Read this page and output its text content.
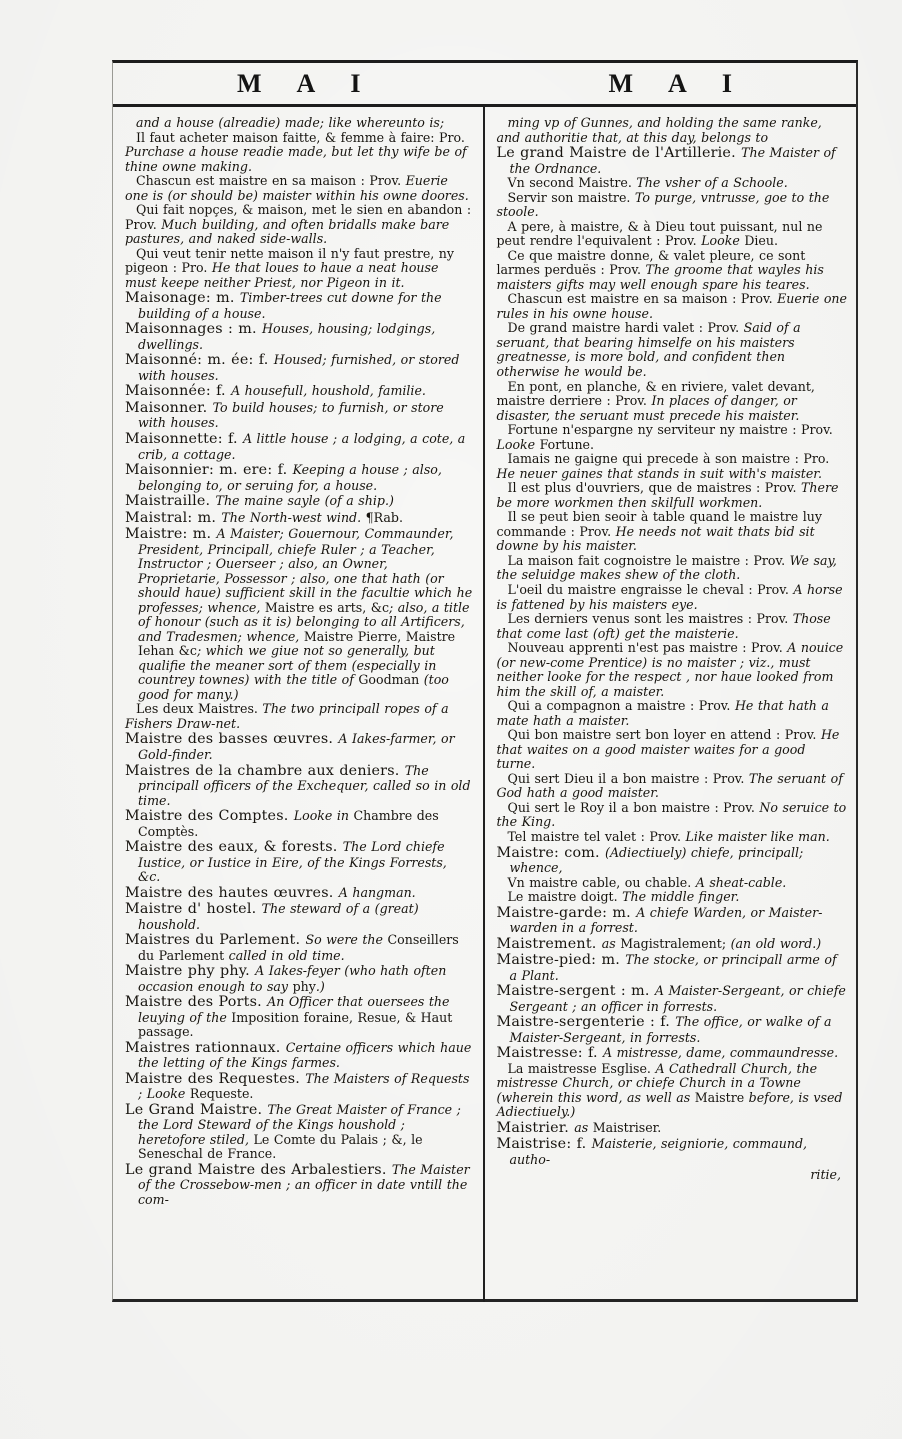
M A I	M A I

and a house (alreadie) made; like whereunto is;

Il faut acheter maison faitte, & femme à faire: Pro. Purchase a house readie made, but let thy wife be of thine owne making.

Chascun est maistre en sa maison : Prov. Euerie one is (or should be) maister within his owne doores.

Qui fait nopçes, & maison, met le sien en abandon : Prov. Much building, and often bridalls make bare pastures, and naked side-walls.

Qui veut tenir nette maison il n'y faut prestre, ny pigeon : Pro. He that loues to haue a neat house must keepe neither Priest, nor Pigeon in it.

Maisonage: m. Timber-trees cut downe for the building of a house.

Maisonnages : m. Houses, housing; lodgings, dwellings.

Maisonné: m. ée: f. Housed; furnished, or stored with houses.

Maisonnée: f. A housefull, houshold, familie.

Maisonner. To build houses; to furnish, or store with houses.

Maisonnette: f. A little house ; a lodging, a cote, a crib, a cottage.

Maisonnier: m. ere: f. Keeping a house ; also, belonging to, or seruing for, a house.

Maistraille. The maine sayle (of a ship.)

Maistral: m. The North-west wind. ¶Rab.

Maistre: m. A Maister; Gouernour, Commaunder, President, Principall, chiefe Ruler ; a Teacher, Instructor ; Ouerseer ; also, an Owner, Proprietarie, Possessor ; also, one that hath (or should haue) sufficient skill in the facultie which he professes; whence, Maistre es arts, &c; also, a title of honour (such as it is) belonging to all Artificers, and Tradesmen; whence, Maistre Pierre, Maistre Iehan &c; which we giue not so generally, but qualifie the meaner sort of them (especially in countrey townes) with the title of Goodman (too good for many.)

Les deux Maistres. The two principall ropes of a Fishers Draw-net.

Maistre des basses œuvres. A Iakes-farmer, or Gold-finder.

Maistres de la chambre aux deniers. The principall officers of the Exchequer, called so in old time.

Maistre des Comptes. Looke in Chambre des Comptès.

Maistre des eaux, & forests. The Lord chiefe Iustice, or Iustice in Eire, of the Kings Forrests, &c.

Maistre des hautes œuvres. A hangman.

Maistre d' hostel. The steward of a (great) houshold.

Maistres du Parlement. So were the Conseillers du Parlement called in old time.

Maistre phy phy. A Iakes-feyer (who hath often occasion enough to say phy.)

Maistre des Ports. An Officer that ouersees the leuying of the Imposition foraine, Resue, & Haut passage.

Maistres rationnaux. Certaine officers which haue the letting of the Kings farmes.

Maistre des Requestes. The Maisters of Requests ; Looke Requeste.

Le Grand Maistre. The Great Maister of France ; the Lord Steward of the Kings houshold ; heretofore stiled, Le Comte du Palais ; &, le Seneschal de France.

Le grand Maistre des Arbalestiers. The Maister of the Crossebow-men ; an officer in date vntill the com-

ming vp of Gunnes, and holding the same ranke, and authoritie that, at this day, belongs to

Le grand Maistre de l'Artillerie. The Maister of the Ordnance.

Vn second Maistre. The vsher of a Schoole.

Servir son maistre. To purge, vntrusse, goe to the stoole.

A pere, à maistre, & à Dieu tout puissant, nul ne peut rendre l'equivalent : Prov. Looke Dieu.

Ce que maistre donne, & valet pleure, ce sont larmes perduës : Prov. The groome that wayles his maisters gifts may well enough spare his teares.

Chascun est maistre en sa maison : Prov. Euerie one rules in his owne house.

De grand maistre hardi valet : Prov. Said of a seruant, that bearing himselfe on his maisters greatnesse, is more bold, and confident then otherwise he would be.

En pont, en planche, & en riviere, valet devant, maistre derriere : Prov. In places of danger, or disaster, the seruant must precede his maister.

Fortune n'espargne ny serviteur ny maistre : Prov. Looke Fortune.

Iamais ne gaigne qui precede à son maistre : Pro. He neuer gaines that stands in suit with's maister.

Il est plus d'ouvriers, que de maistres : Prov. There be more workmen then skilfull workmen.

Il se peut bien seoir à table quand le maistre luy commande : Prov. He needs not wait thats bid sit downe by his maister.

La maison fait cognoistre le maistre : Prov. We say, the seluidge makes shew of the cloth.

L'oeil du maistre engraisse le cheval : Prov. A horse is fattened by his maisters eye.

Les derniers venus sont les maistres : Prov. Those that come last (oft) get the maisterie.

Nouveau apprenti n'est pas maistre : Prov. A nouice (or new-come Prentice) is no maister ; viz., must neither looke for the respect , nor haue looked from him the skill of, a maister.

Qui a compagnon a maistre : Prov. He that hath a mate hath a maister.

Qui bon maistre sert bon loyer en attend : Prov. He that waites on a good maister waites for a good turne.

Qui sert Dieu il a bon maistre : Prov. The seruant of God hath a good maister.

Qui sert le Roy il a bon maistre : Prov. No seruice to the King.

Tel maistre tel valet : Prov. Like maister like man.

Maistre: com. (Adiectiuely) chiefe, principall; whence,

Vn maistre cable, ou chable. A sheat-cable.

Le maistre doigt. The middle finger.

Maistre-garde: m. A chiefe Warden, or Maister-warden in a forrest.

Maistrement. as Magistralement; (an old word.)

Maistre-pied: m. The stocke, or principall arme of a Plant.

Maistre-sergent : m. A Maister-Sergeant, or chiefe Sergeant ; an officer in forrests.

Maistre-sergenterie : f. The office, or walke of a Maister-Sergeant, in forrests.

Maistresse: f. A mistresse, dame, commaundresse.

La maistresse Esglise. A Cathedrall Church, the mistresse Church, or chiefe Church in a Towne (wherein this word, as well as Maistre before, is vsed Adiectiuely.)

Maistrier. as Maistriser.

Maistrise: f. Maisterie, seigniorie, commaund, autho-

ritie,
